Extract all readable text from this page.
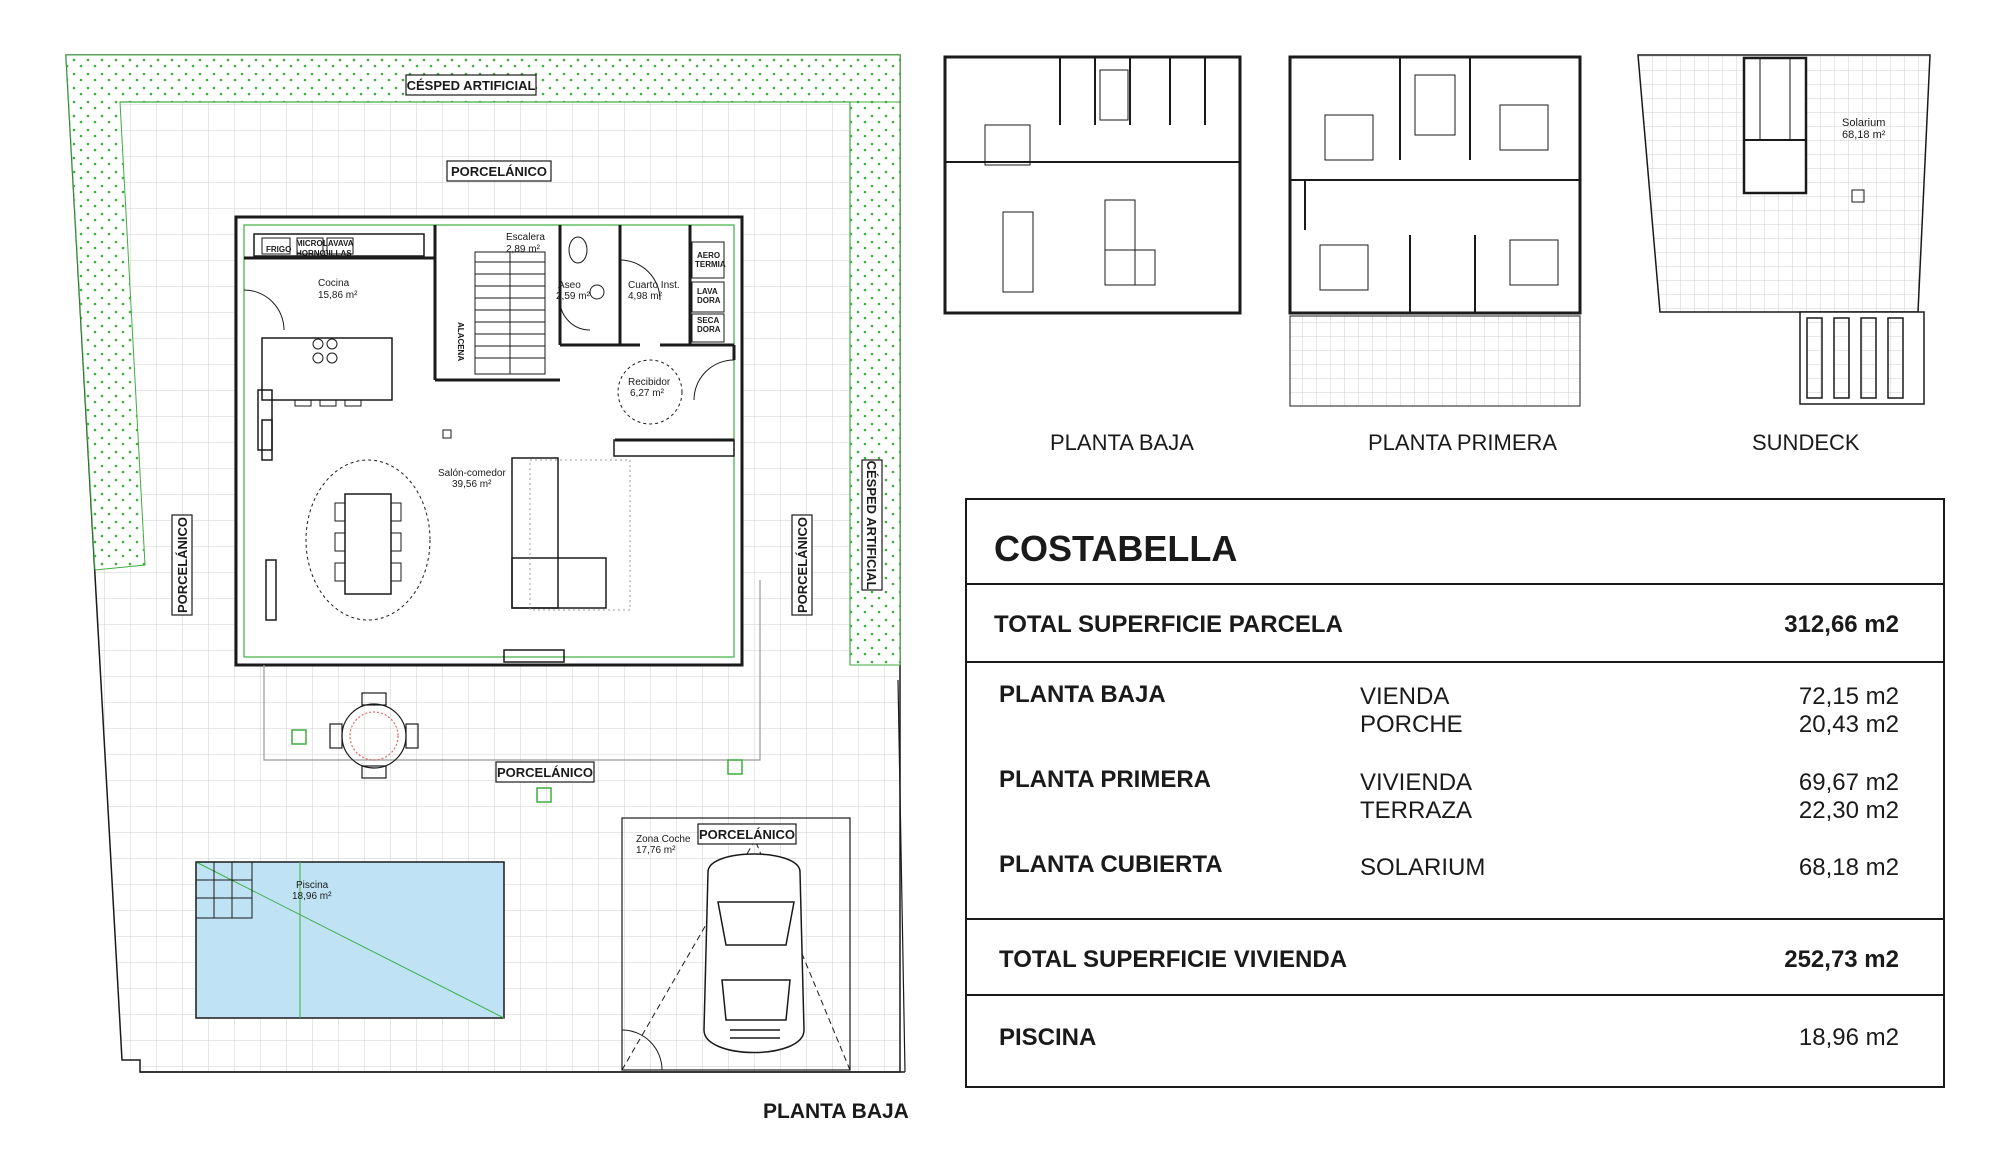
CÉSPED ARTIFICIAL
PORCELÁNICO
PORCELÁNICO
PORCELÁNICO
PORCELÁNICO	PORCELÁNICO	CÉSPED ARTIFICIAL
FRIGO
MICRO
HORNO
LAVAVA
JILLAS	AERO
TERMIA
LAVA
DORA
SECA
DORA
ALACENA
Cocina
15,86 m²
Escalera
2,89 m²
Aseo
2,59 m²
Cuarto Inst.
4,98 m²
Recibidor
6,27 m²
Salón-comedor
39,56 m²
Piscina
18,96 m²
Zona Coche
17,76 m²
Solarium
68,18 m²
PLANTA BAJA
PLANTA BAJA	PLANTA PRIMERA	SUNDECK
COSTABELLA
TOTAL SUPERFICIE PARCELA	312,66 m2
PLANTA BAJA	VIENDA	72,15 m2
PORCHE	20,43 m2
PLANTA PRIMERA	VIVIENDA	69,67 m2
TERRAZA	22,30 m2
PLANTA CUBIERTA	SOLARIUM	68,18 m2
TOTAL SUPERFICIE VIVIENDA	252,73 m2
PISCINA	18,96 m2
